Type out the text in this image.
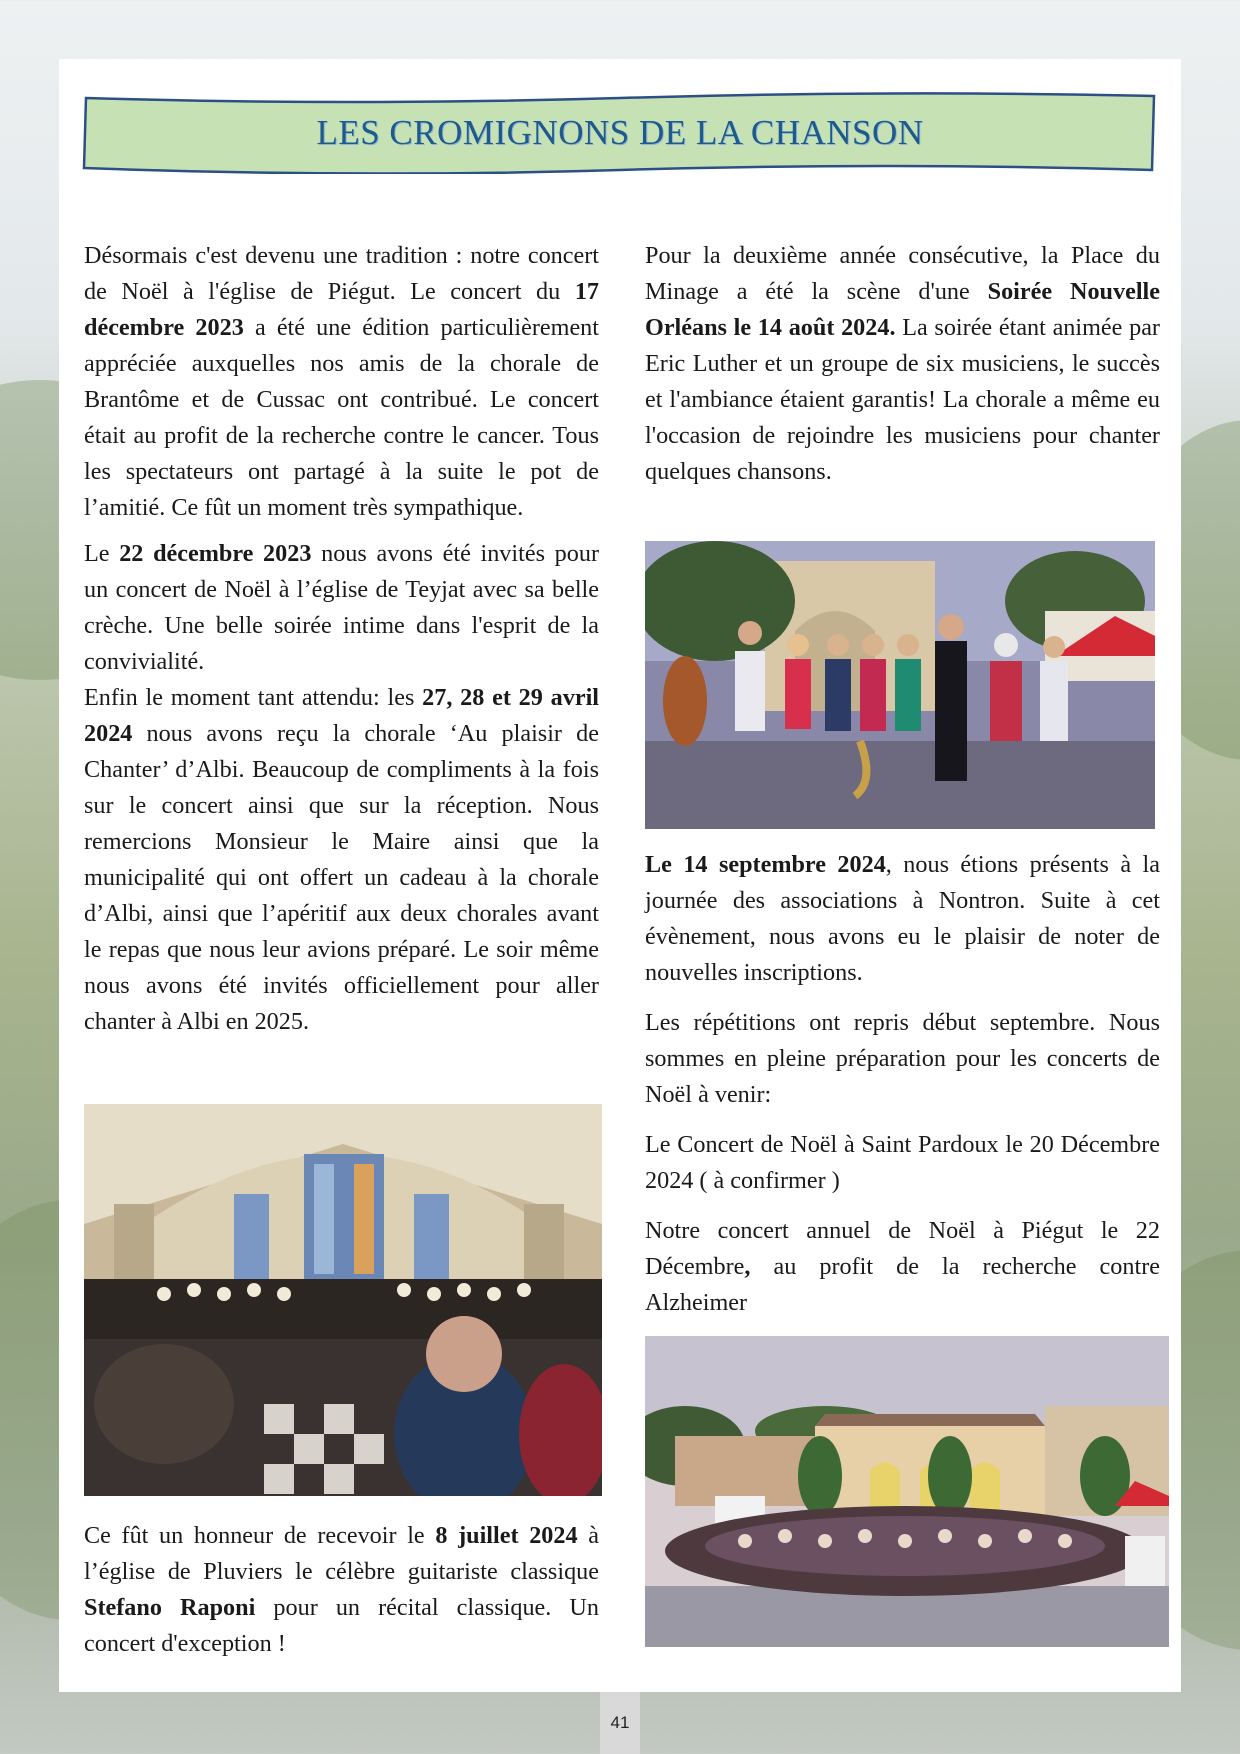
LES CROMIGNONS DE LA CHANSON

Désormais c'est devenu une tradition : notre concert de Noël à l'église de Piégut. Le concert du 17 décembre 2023 a été une édition particulièrement appréciée auxquelles nos amis de la chorale de Brantôme et de Cussac ont contribué. Le concert était au profit de la recherche contre le cancer. Tous les spectateurs ont partagé à la suite le pot de l’amitié. Ce fût un moment très sympathique.

Le 22 décembre 2023 nous avons été invités pour un concert de Noël à l’église de Teyjat avec sa belle crèche. Une belle soirée intime dans l'esprit de la convivialité.

Enfin le moment tant attendu: les 27, 28 et 29 avril 2024 nous avons reçu la chorale ‘Au plaisir de Chanter’ d’Albi. Beaucoup de compliments à la fois sur le concert ainsi que sur la réception. Nous remercions Monsieur le Maire ainsi que la municipalité qui ont offert un cadeau à la chorale d’Albi, ainsi que l’apéritif aux deux chorales avant le repas que nous leur avions préparé. Le soir même nous avons été invités officiellement pour aller chanter à Albi en 2025.

Ce fût un honneur de recevoir le 8 juillet 2024 à l’église de Pluviers le célèbre guitariste classique Stefano Raponi pour un récital classique. Un concert d'exception !

Pour la deuxième année consécutive, la Place du Minage a été la scène d'une Soirée Nouvelle Orléans le 14 août 2024. La soirée étant animée par Eric Luther et un groupe de six musiciens, le succès et l'ambiance étaient garantis! La chorale a même eu l'occasion de rejoindre les musiciens pour chanter quelques chansons.

Le 14 septembre 2024, nous étions présents à la journée des associations à Nontron. Suite à cet évènement, nous avons eu le plaisir de noter de nouvelles inscriptions.

Les répétitions ont repris début septembre. Nous sommes en pleine préparation pour les concerts de Noël à venir:

Le Concert de Noël à Saint Pardoux le 20 Décembre 2024 ( à confirmer )

Notre concert annuel de Noël à Piégut le 22 Décembre, au profit de la recherche contre Alzheimer

41
